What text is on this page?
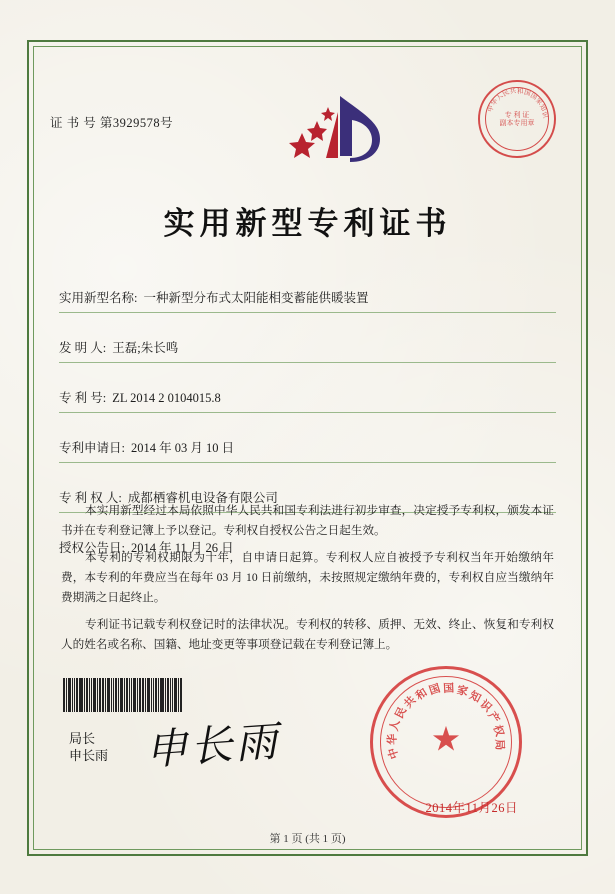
证 书 号 第3929578号
中
华
人
民
共 和 国
国
家
知
识
专 利 证
副本专用章
实用新型专利证书
实用新型名称: 一种新型分布式太阳能相变蓄能供暖装置
发 明 人: 王磊;朱长鸣
专 利 号: ZL 2014 2 0104015.8
专利申请日: 2014 年 03 月 10 日
专 利 权 人: 成都栖睿机电设备有限公司
授权公告日: 2014 年 11 月 26 日

本实用新型经过本局依照中华人民共和国专利法进行初步审查，决定授予专利权，颁发本证书并在专利登记簿上予以登记。专利权自授权公告之日起生效。

本专利的专利权期限为十年，自申请日起算。专利权人应自被授予专利权当年开始缴纳年费，本专利的年费应当在每年 03 月 10 日前缴纳，未按照规定缴纳年费的，专利权自应当缴纳年费期满之日起终止。

专利证书记载专利权登记时的法律状况。专利权的转移、质押、无效、终止、恢复和专利权人的姓名或名称、国籍、地址变更等事项登记载在专利登记簿上。

局长
申长雨 申长雨	中
华
人
民
共
和
国 国 家
知
识
产
权
局
★
2014年11月26日
第 1 页 (共 1 页)
